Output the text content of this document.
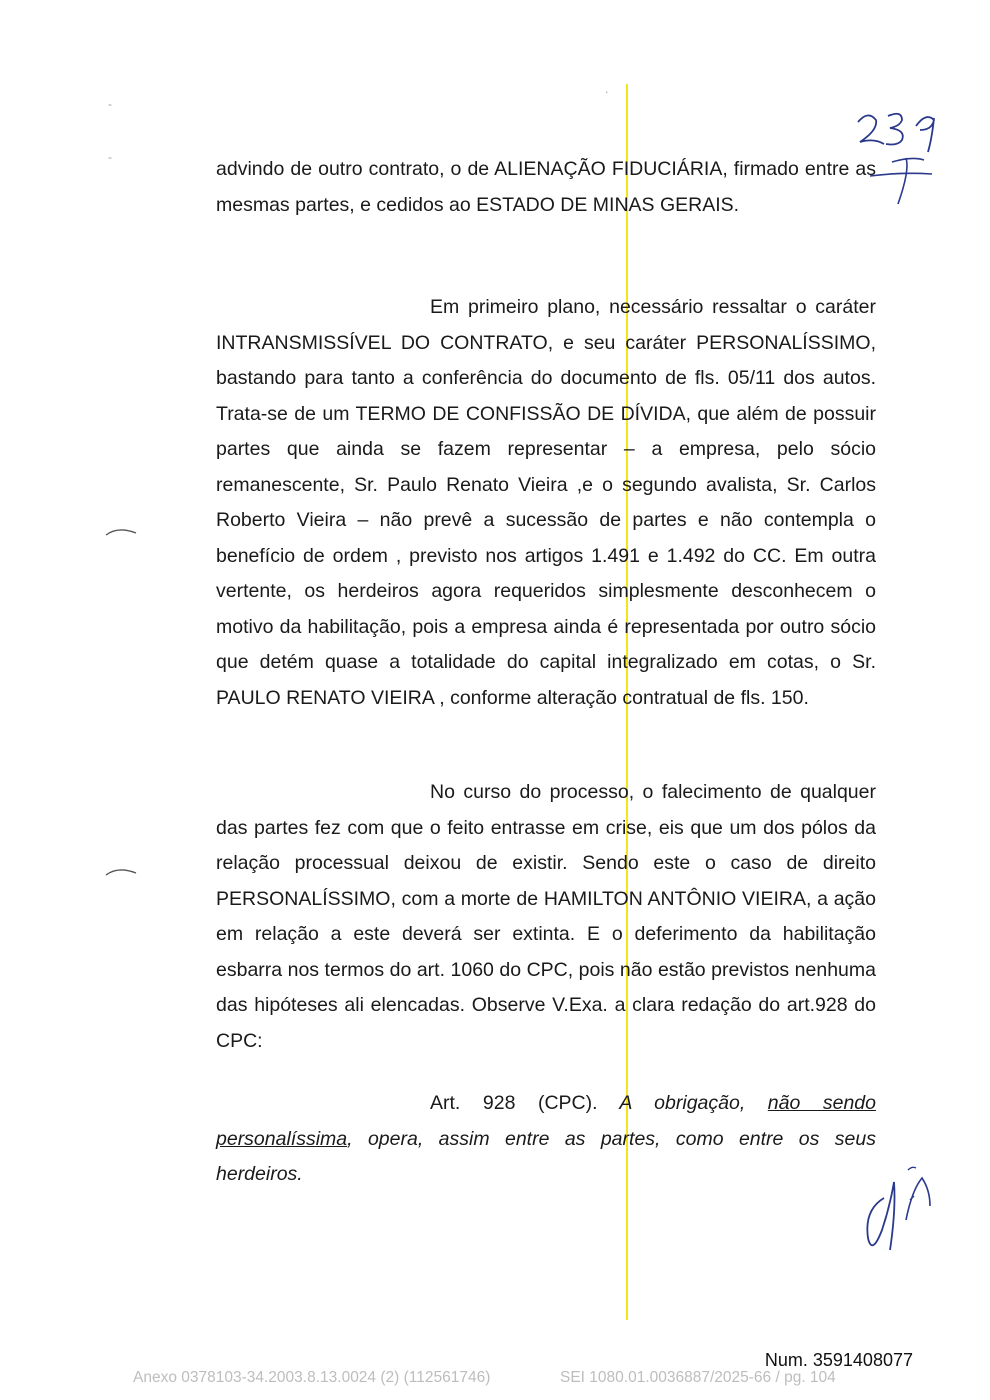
-
-
.

advindo de outro contrato, o de ALIENAÇÃO FIDUCIÁRIA, firmado entre as mesmas partes, e cedidos ao ESTADO DE MINAS GERAIS.

Em primeiro plano, necessário ressaltar o caráter INTRANSMISSÍVEL DO CONTRATO, e seu caráter PERSONALÍSSIMO, bastando para tanto a conferência do documento de fls. 05/11 dos autos. Trata-se de um TERMO DE CONFISSÃO DE DÍVIDA, que além de possuir partes que ainda se fazem representar – a empresa, pelo sócio remanescente, Sr. Paulo Renato Vieira ,e o segundo avalista, Sr. Carlos Roberto Vieira – não prevê a sucessão de partes e não contempla o benefício de ordem , previsto nos artigos 1.491 e 1.492 do CC. Em outra vertente, os herdeiros agora requeridos simplesmente desconhecem o motivo da habilitação, pois a empresa ainda é representada por outro sócio que detém quase a totalidade do capital integralizado em cotas, o Sr. PAULO RENATO VIEIRA , conforme alteração contratual de fls. 150.

No curso do processo, o falecimento de qualquer das partes fez com que o feito entrasse em crise, eis que um dos pólos da relação processual deixou de existir. Sendo este o caso de direito PERSONALÍSSIMO, com a morte de HAMILTON ANTÔNIO VIEIRA, a ação em relação a este deverá ser extinta. E o deferimento da habilitação esbarra nos termos do art. 1060 do CPC, pois não estão previstos nenhuma das hipóteses ali elencadas. Observe V.Exa. a clara redação do art.928 do CPC:

Art. 928 (CPC). A obrigação, não sendo personalíssima, opera, assim entre as partes, como entre os seus herdeiros.

Num. 3591408077
Anexo 0378103-34.2003.8.13.0024 (2) (112561746)	SEI 1080.01.0036887/2025-66 / pg. 104
